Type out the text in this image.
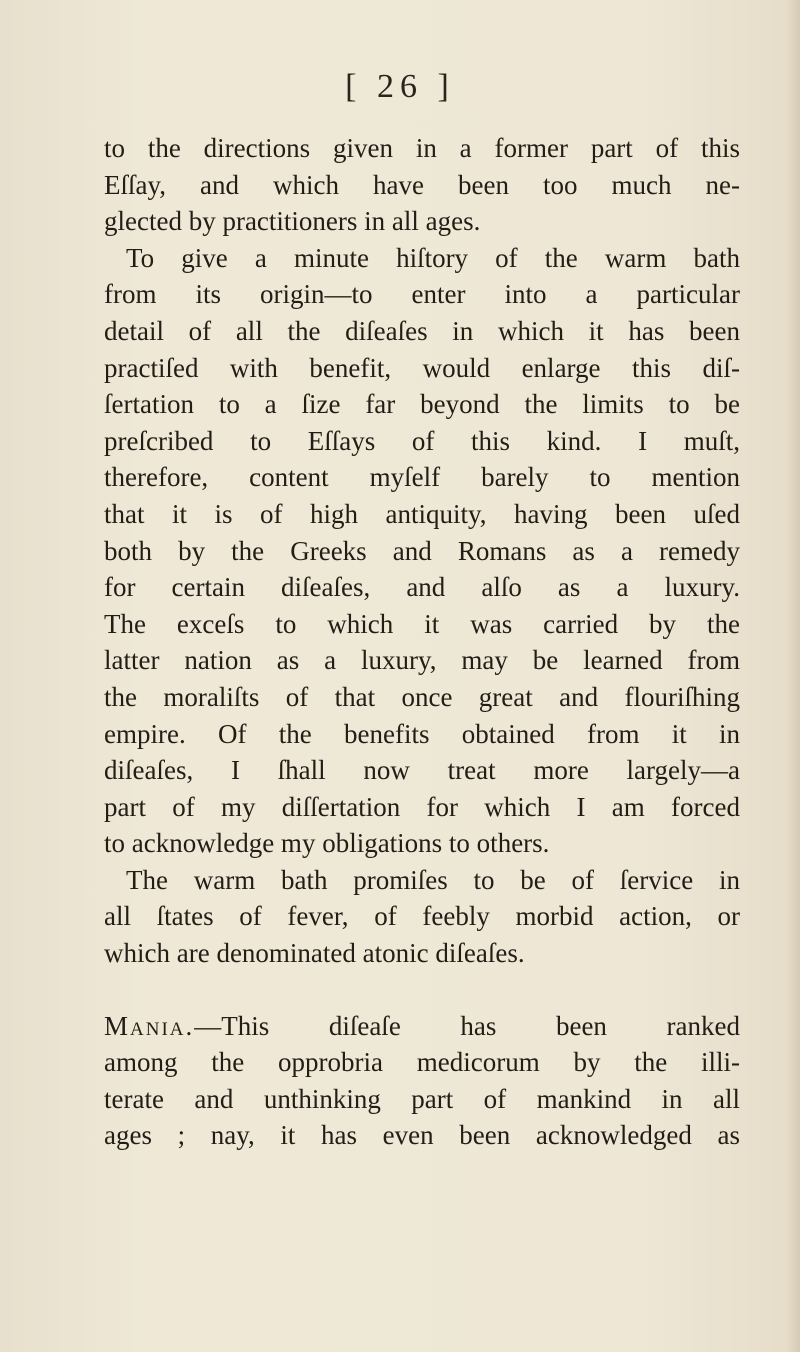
[ 26 ]
to the directions given in a former part of this
Eſſay, and which have been too much ne-
glected by practitioners in all ages.
To give a minute hiſtory of the warm bath
from its origin—to enter into a particular
detail of all the diſeaſes in which it has been
practiſed with benefit, would enlarge this diſ-
ſertation to a ſize far beyond the limits to be
preſcribed to Eſſays of this kind. I muſt,
therefore, content myſelf barely to mention
that it is of high antiquity, having been uſed
both by the Greeks and Romans as a remedy
for certain diſeaſes, and alſo as a luxury.
The exceſs to which it was carried by the
latter nation as a luxury, may be learned from
the moraliſts of that once great and flouriſhing
empire. Of the benefits obtained from it in
diſeaſes, I ſhall now treat more largely—a
part of my diſſertation for which I am forced
to acknowledge my obligations to others.
The warm bath promiſes to be of ſervice in
all ſtates of fever, of feebly morbid action, or
which are denominated atonic diſeaſes.
Mania.—This diſeaſe has been ranked
among the opprobria medicorum by the illi-
terate and unthinking part of mankind in all
ages ; nay, it has even been acknowledged as
